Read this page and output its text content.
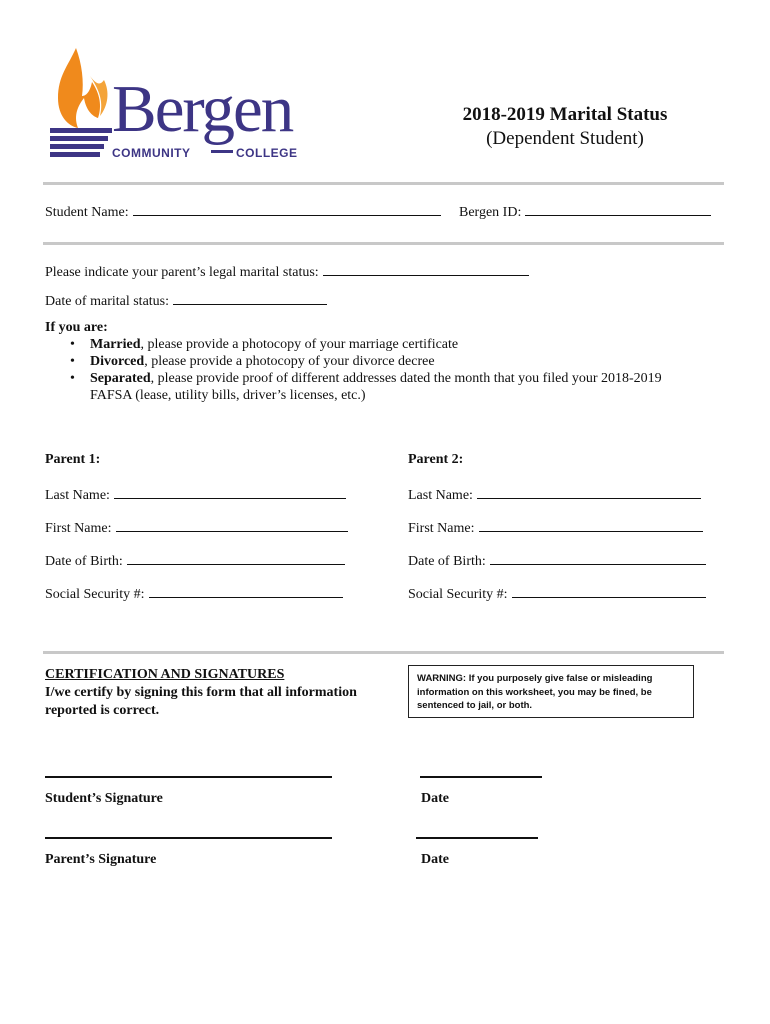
Bergen
COMMUNITY	COLLEGE
2018-2019 Marital Status
(Dependent Student)
Student Name:	Bergen ID:
Please indicate your parent’s legal marital status:
Date of marital status:
If you are:
• Married, please provide a photocopy of your marriage certificate
• Divorced, please provide a photocopy of your divorce decree
• Separated, please provide proof of different addresses dated the month that you filed your 2018-2019
FAFSA (lease, utility bills, driver’s licenses, etc.)
Parent 1:
Last Name:
First Name:
Date of Birth:
Social Security #:
Parent 2:
Last Name:
First Name:
Date of Birth:
Social Security #:
CERTIFICATION AND SIGNATURES
I/we certify by signing this form that all information
reported is correct.
WARNING: If you purposely give false or misleading information on this worksheet, you may be fined, be sentenced to jail, or both.
Student’s Signature	Date
Parent’s Signature	Date
